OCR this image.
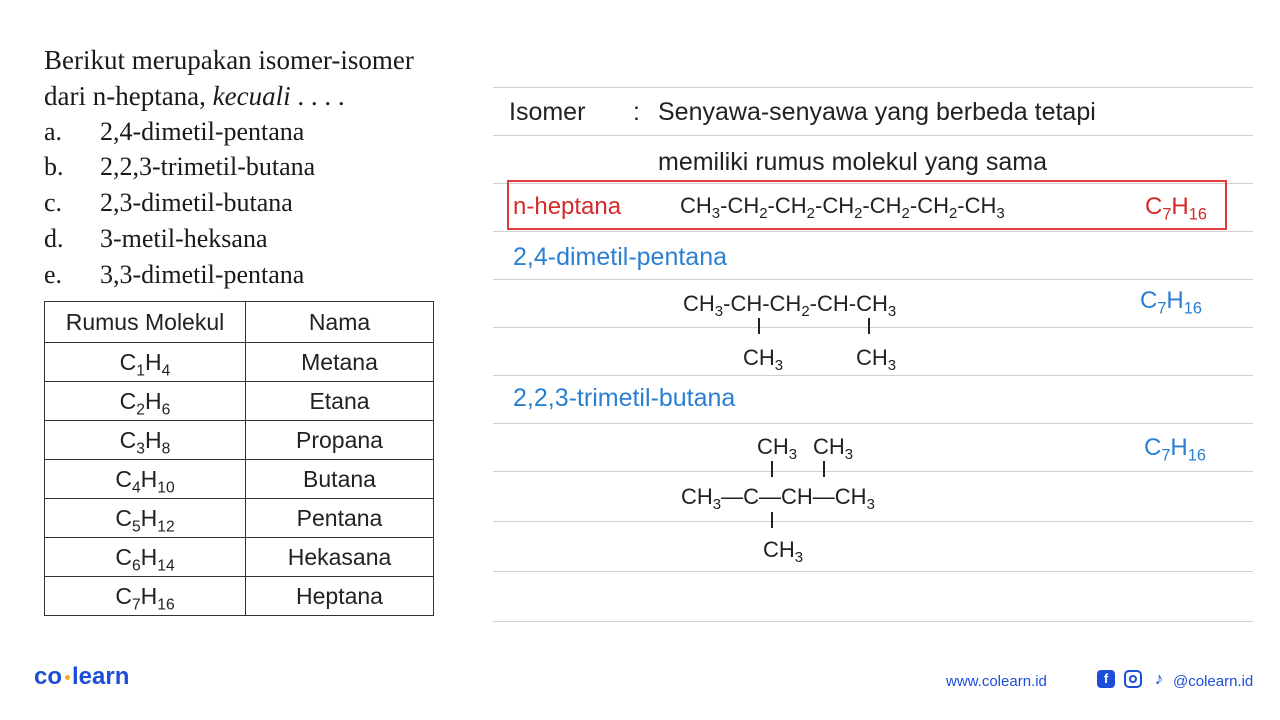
Berikut merupakan isomer-isomer
dari n-heptana, kecuali . . . .
a. 2,4-dimetil-pentana
b. 2,2,3-trimetil-butana
c. 2,3-dimetil-butana
d. 3-metil-heksana
e. 3,3-dimetil-pentana
Rumus Molekul	Nama
$C_1H_4$	Metana
$C_2H_6$	Etana
$C_3H_8$	Propana
$C_4H_{10}$	Butana
$C_5H_{12}$	Pentana
$C_6H_{14}$	Hekasana
$C_7H_{16}$	Heptana
Isomer : Senyawa-senyawa yang berbeda tetapi
memiliki rumus molekul yang sama
n-heptana	$CH_3-CH_2-CH_2-CH_2-CH_2-CH_2-CH_3$	$C_7H_{16}$
2,4-dimetil-pentana
$CH_3-CH-CH_2-CH-CH_3$
$CH_3$	$CH_3$
$C_7H_{16}$
2,2,3-trimetil-butana
$CH_3$ $CH_3$
$CH_3—C—CH—CH_3$
$CH_3$
$C_7H_{16}$
co learn	www.colearn.id	f	♪ @colearn.id
